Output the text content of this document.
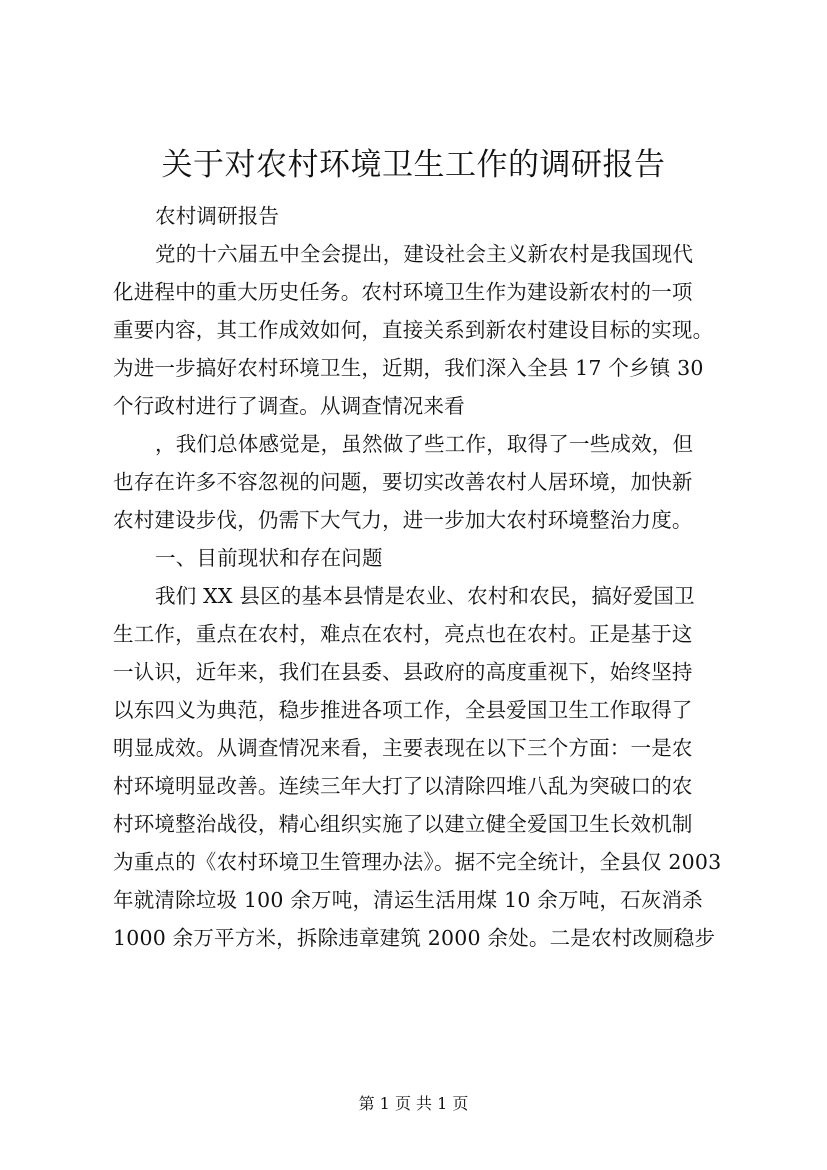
关于对农村环境卫生工作的调研报告

农村调研报告

党的十六届五中全会提出，建设社会主义新农村是我国现代

化进程中的重大历史任务。农村环境卫生作为建设新农村的一项

重要内容，其工作成效如何，直接关系到新农村建设目标的实现。

为进一步搞好农村环境卫生，近期，我们深入全县 17 个乡镇 30

个行政村进行了调查。从调查情况来看

，我们总体感觉是，虽然做了些工作，取得了一些成效，但

也存在许多不容忽视的问题，要切实改善农村人居环境，加快新

农村建设步伐，仍需下大气力，进一步加大农村环境整治力度。

一、目前现状和存在问题

我们 XX 县区的基本县情是农业、农村和农民，搞好爱国卫

生工作，重点在农村，难点在农村，亮点也在农村。正是基于这

一认识，近年来，我们在县委、县政府的高度重视下，始终坚持

以东四义为典范，稳步推进各项工作，全县爱国卫生工作取得了

明显成效。从调查情况来看，主要表现在以下三个方面：一是农

村环境明显改善。连续三年大打了以清除四堆八乱为突破口的农

村环境整治战役，精心组织实施了以建立健全爱国卫生长效机制

为重点的《农村环境卫生管理办法》。据不完全统计，全县仅 2003

年就清除垃圾 100 余万吨，清运生活用煤 10 余万吨，石灰消杀

1000 余万平方米，拆除违章建筑 2000 余处。二是农村改厕稳步

第 1 页 共 1 页
